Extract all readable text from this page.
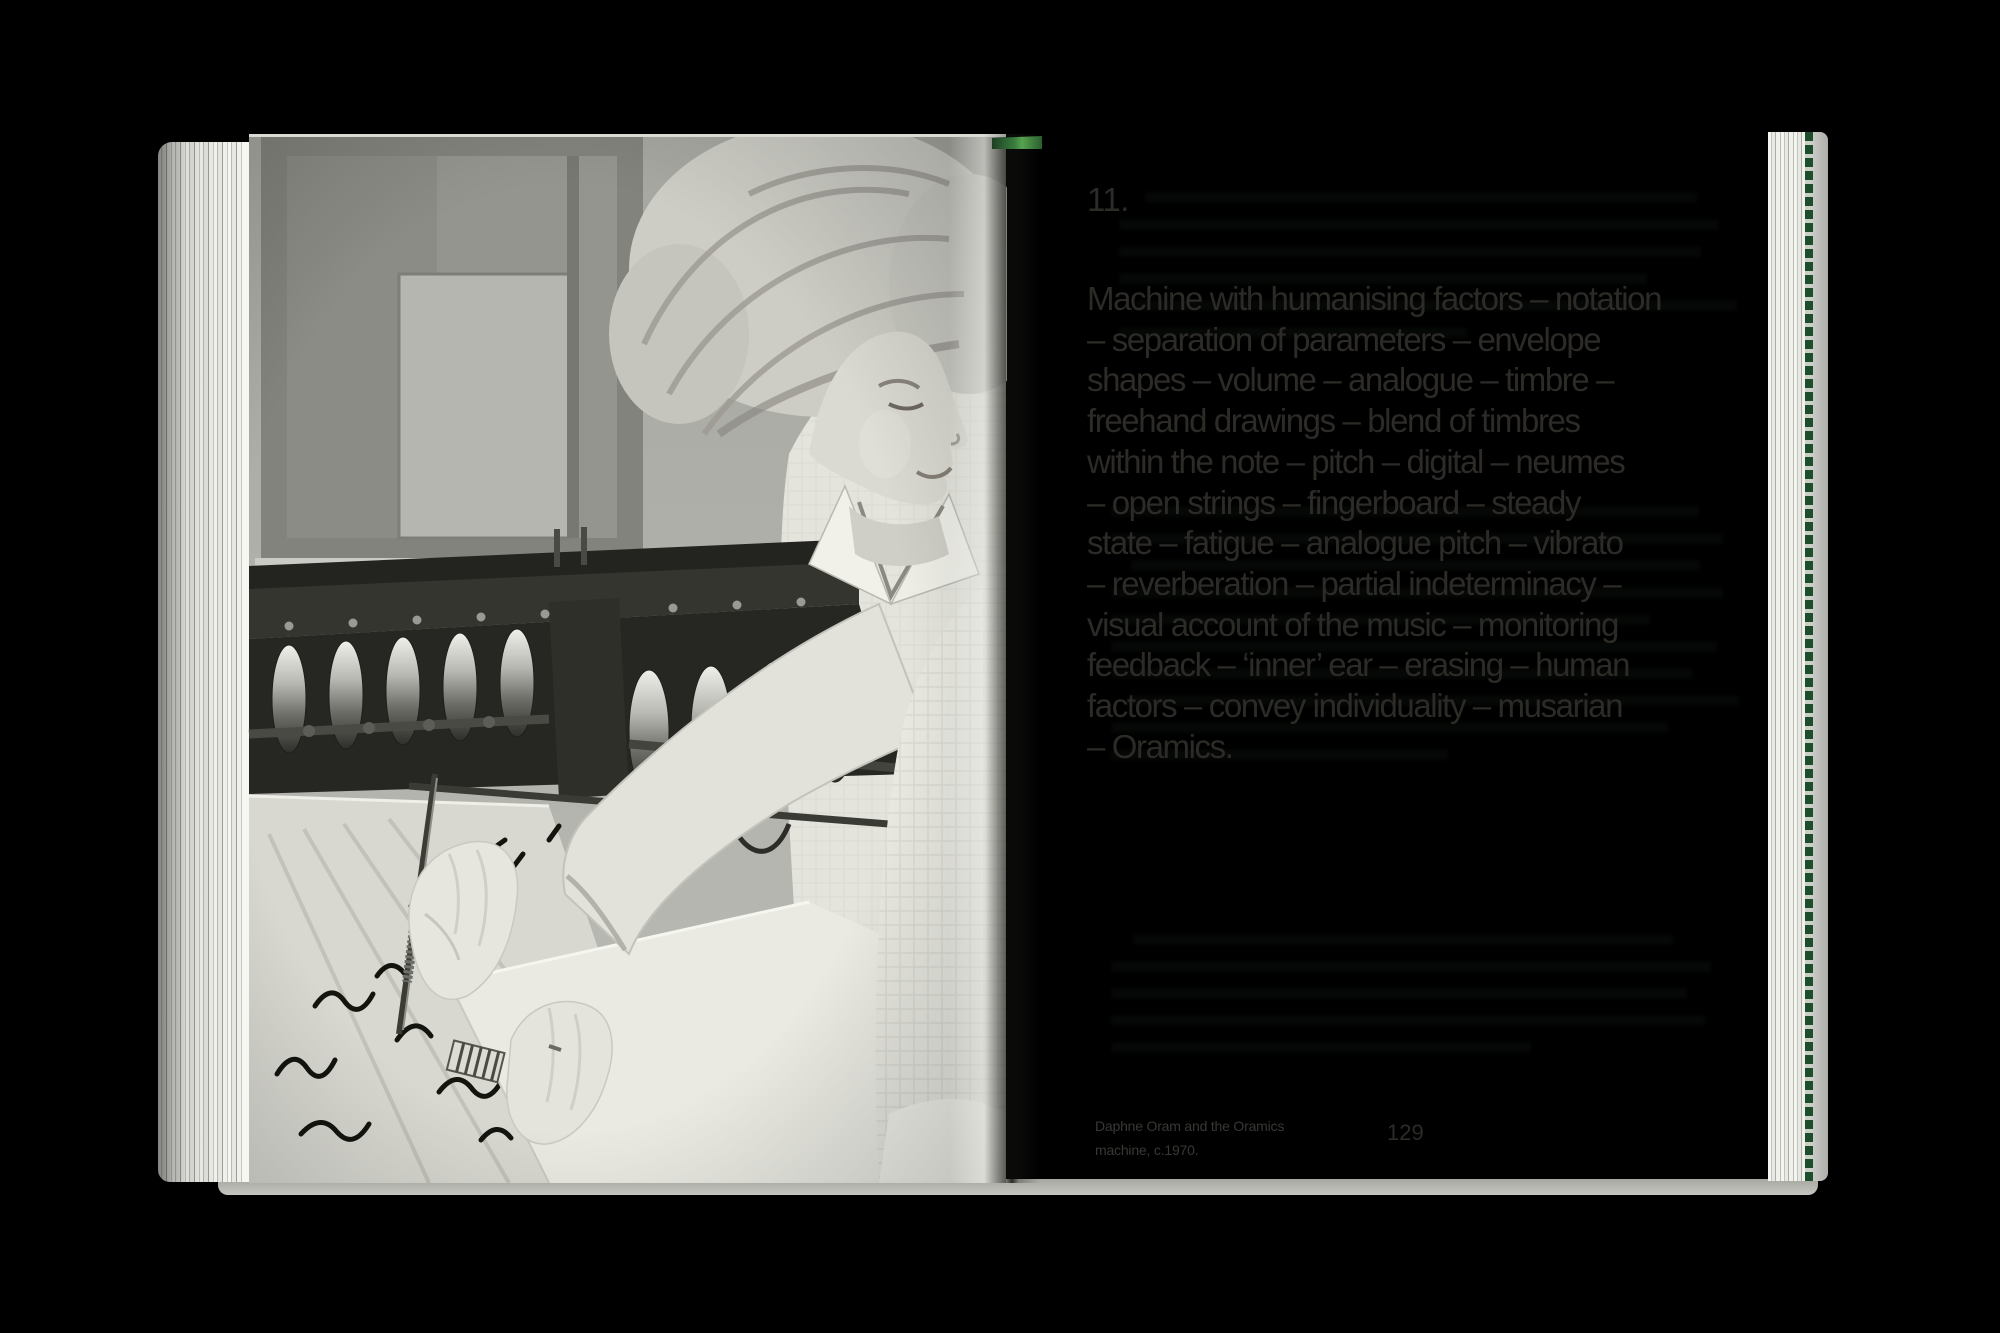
11.
Machine with humanising factors – notation
– separation of parameters – envelope
shapes – volume – analogue – timbre –
freehand drawings – blend of timbres
within the note – pitch – digital – neumes
– open strings – fingerboard – steady
state – fatigue – analogue pitch – vibrato
– reverberation – partial indeterminacy –
visual account of the music – monitoring
feedback – ‘inner’ ear – erasing – human
factors – convey individuality – musarian
– Oramics.
Daphne Oram and the Oramics
machine, c.1970.
129
